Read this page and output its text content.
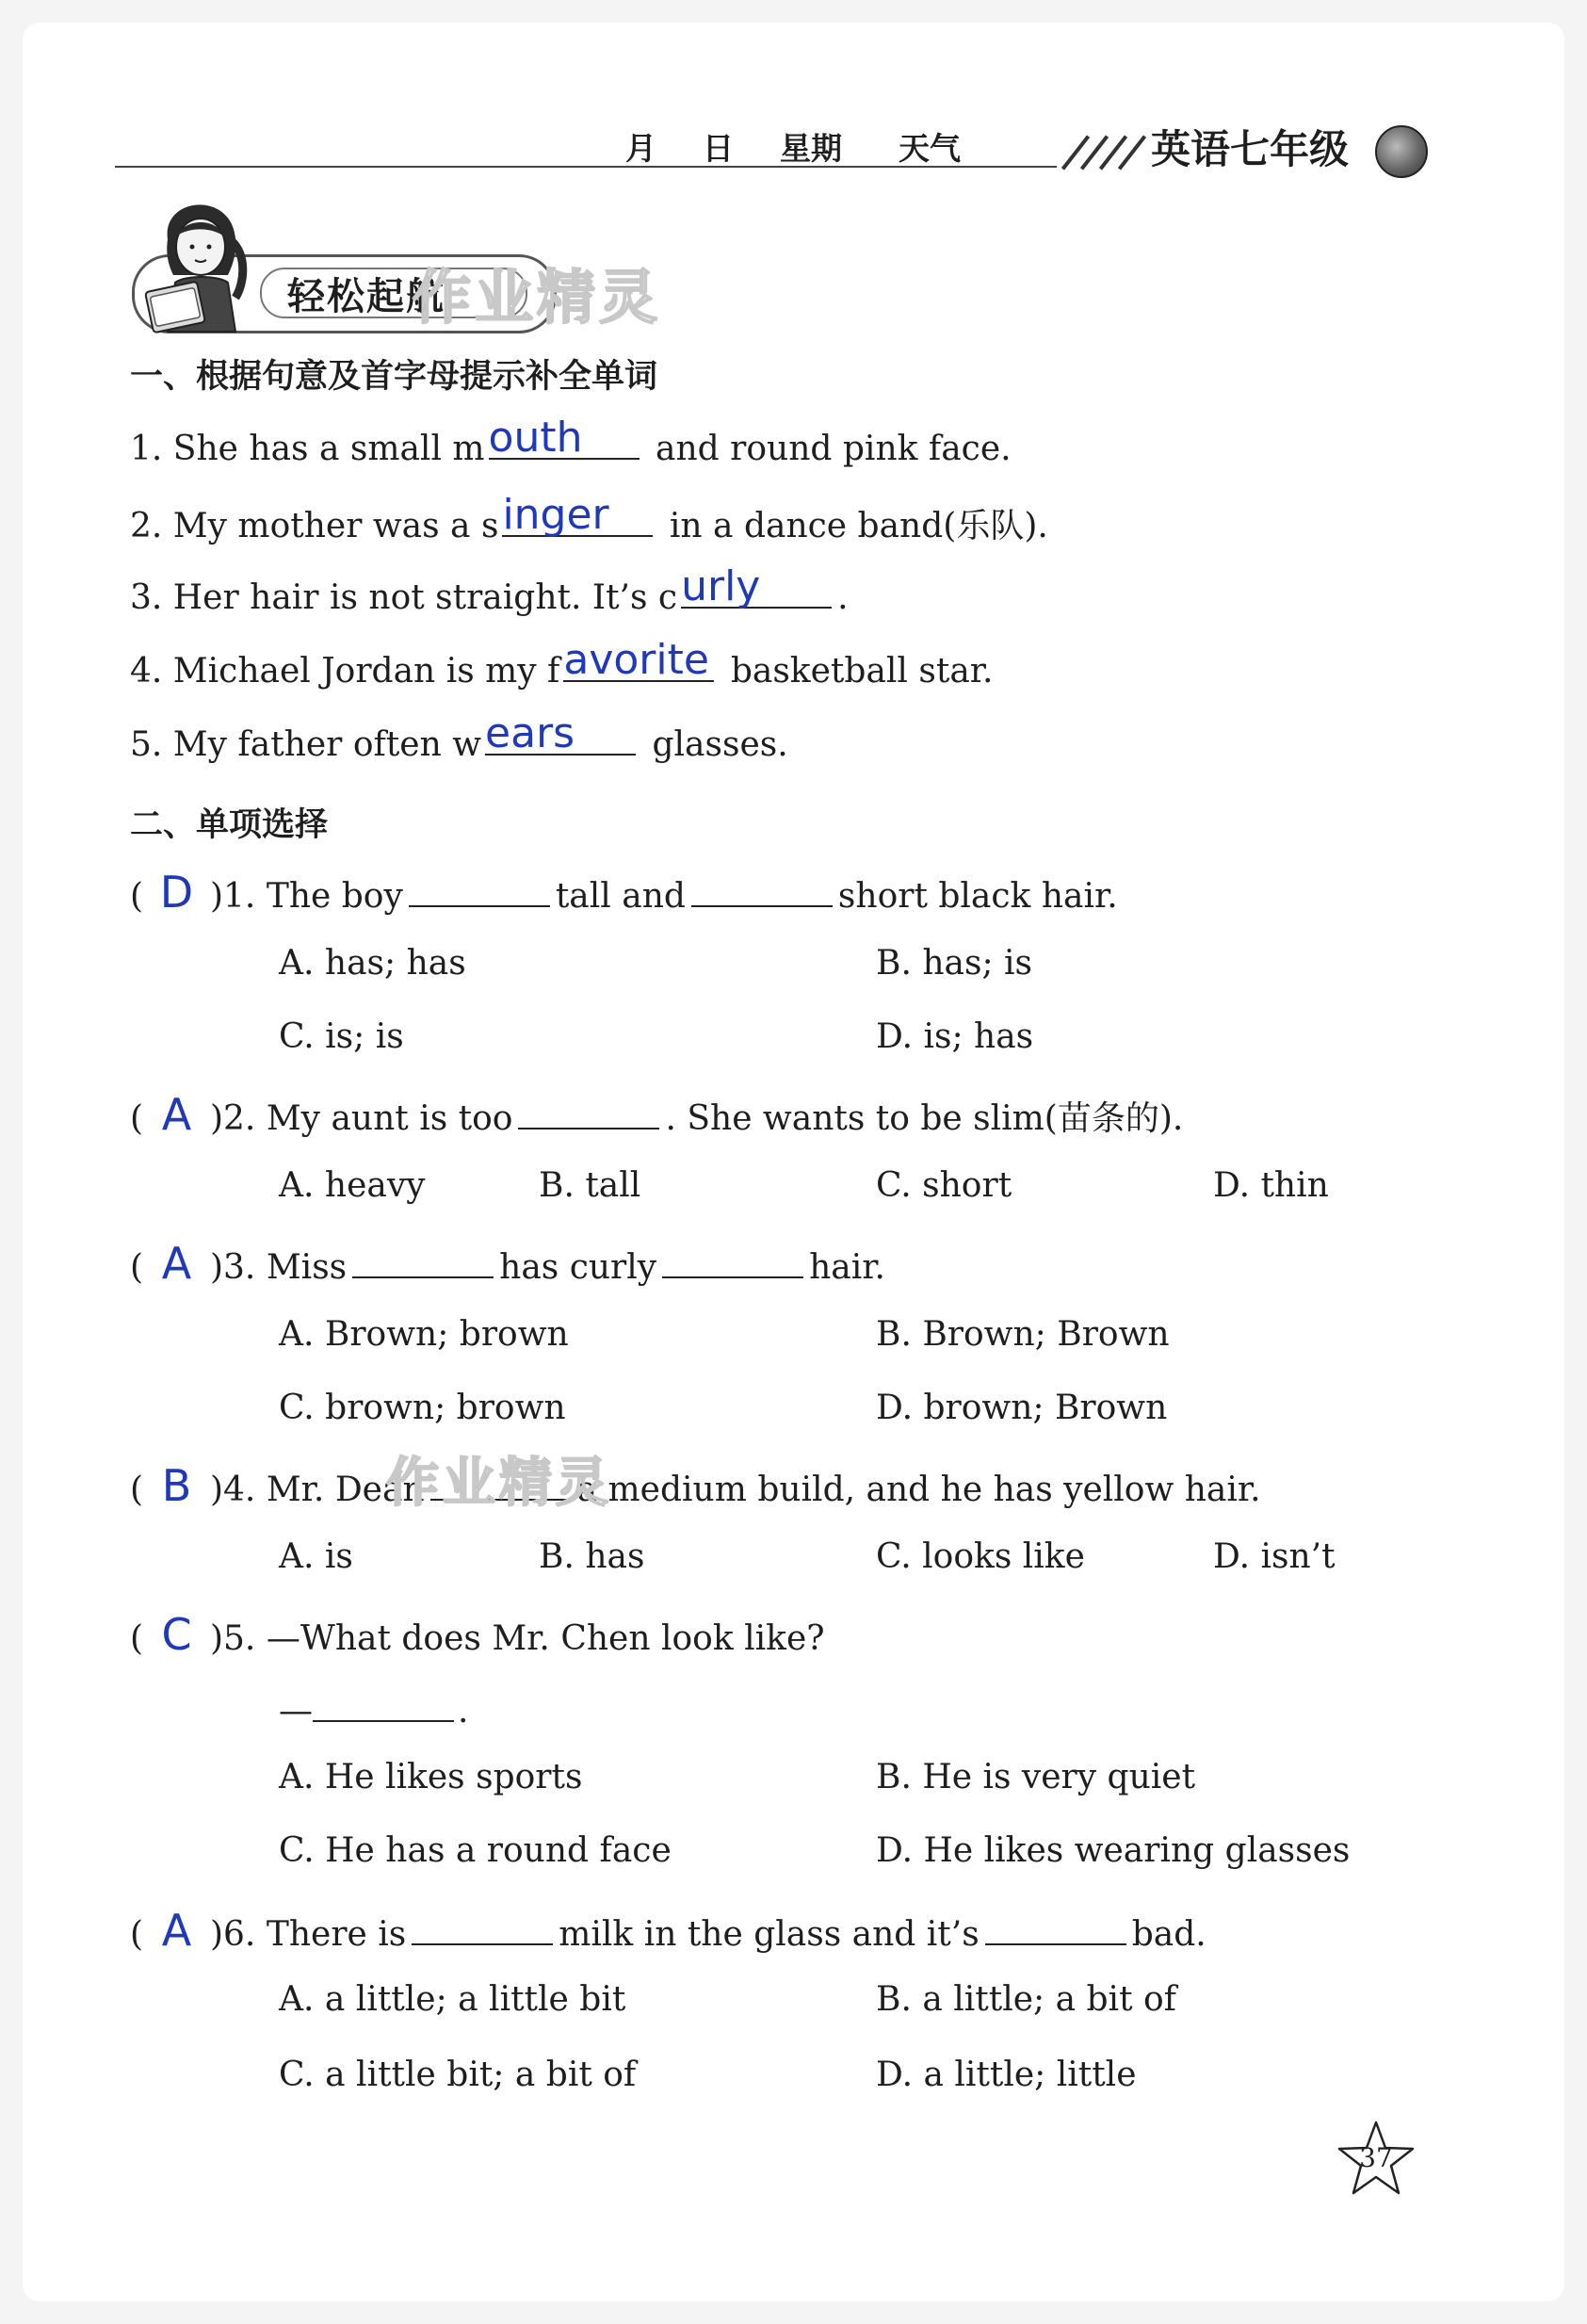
月 日 星期 天气	英语七年级
轻松起航
作业精灵
一、根据句意及首字母提示补全单词
1. She has a small m outh and round pink face.
2. My mother was a s inger in a dance band(乐队).
3. Her hair is not straight. It’s c urly .
4. Michael Jordan is my f avorite basketball star.
5. My father often w ears glasses.
二、单项选择
( D )1. The boy	tall and	short black hair.
A. has; has	B. has; is
C. is; is	D. is; has
( A )2. My aunt is too	. She wants to be slim(苗条的).
A. heavy	B. tall	C. short	D. thin
( A )3. Miss	has curly	hair.
A. Brown; brown	B. Brown; Brown
C. brown; brown	D. brown; Brown
( B )4. Mr. Dean	a medium build, and he has yellow hair.
作业精灵
A. is	B. has	C. looks like	D. isn’t
( C )5. —What does Mr. Chen look like?
—	.
A. He likes sports	B. He is very quiet
C. He has a round face	D. He likes wearing glasses
( A )6. There is	milk in the glass and it’s	bad.
A. a little; a little bit	B. a little; a bit of
C. a little bit; a bit of	D. a little; little
37
